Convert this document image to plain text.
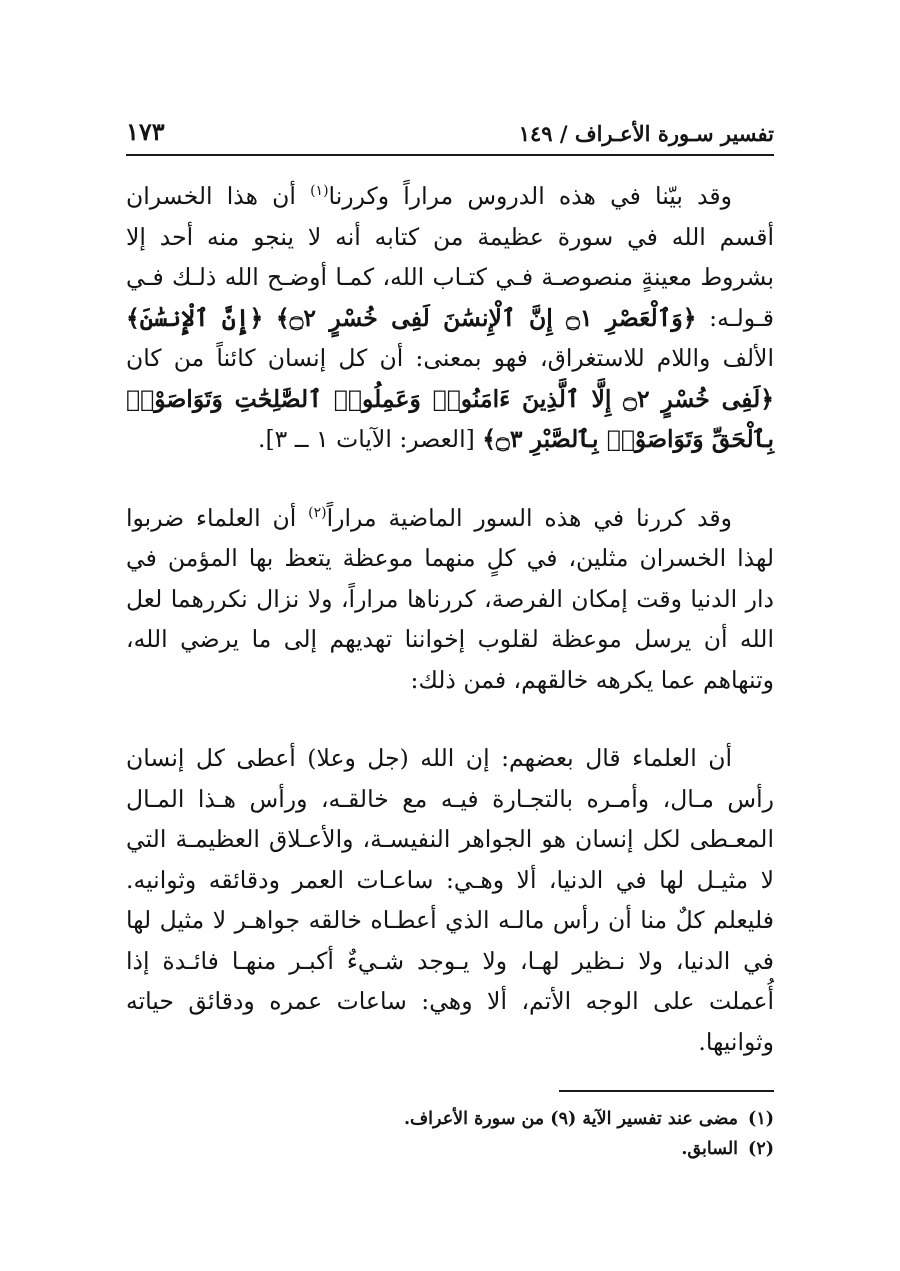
تفسير سـورة الأعـراف / ١٤٩
١٧٣

وقد بيّنا في هذه الدروس مراراً وكررنا$^{(١)}$ أن هذا الخسران أقسم الله في سورة عظيمة من كتابه أنه لا ينجو منه أحد إلا بشروط معينةٍ منصوصـة فـي كتـاب الله، كمـا أوضـح الله ذلـك فـي قـولـه: ﴿وَٱلْعَصْرِ ۝١ إِنَّ ٱلْإِنسَٰنَ لَفِى خُسْرٍ ۝٢﴾ ﴿إِنَّ ٱلْإِنسَٰنَ﴾ الألف واللام للاستغراق، فهو بمعنى: أن كل إنسان كائناً من كان ﴿لَفِى خُسْرٍ ۝٢ إِلَّا ٱلَّذِينَ ءَامَنُوا۟ وَعَمِلُوا۟ ٱلصَّٰلِحَٰتِ وَتَوَاصَوْا۟ بِٱلْحَقِّ وَتَوَاصَوْا۟ بِٱلصَّبْرِ ۝٣﴾ [العصر: الآيات ١ ــ ٣].

وقد كررنا في هذه السور الماضية مراراً$^{(٢)}$ أن العلماء ضربوا لهذا الخسران مثلين، في كلٍ منهما موعظة يتعظ بها المؤمن في دار الدنيا وقت إمكان الفرصة، كررناها مراراً، ولا نزال نكررهما لعل الله أن يرسل موعظة لقلوب إخواننا تهديهم إلى ما يرضي الله، وتنهاهم عما يكرهه خالقهم، فمن ذلك:

أن العلماء قال بعضهم: إن الله (جل وعلا) أعطى كل إنسان رأس مـال، وأمـره بالتجـارة فيـه مع خالقـه، ورأس هـذا المـال المعـطى لكل إنسان هو الجواهر النفيسـة، والأعـلاق العظيمـة التي لا مثيـل لها في الدنيا، ألا وهـي: ساعـات العمر ودقائقه وثوانيه. فليعلم كلٌ منا أن رأس مالـه الذي أعطـاه خالقه جواهـر لا مثيل لها في الدنيا، ولا نـظير لهـا، ولا يـوجد شـيءٌ أكبـر منهـا فائـدة إذا أُعملت على الوجه الأتم، ألا وهي: ساعات عمره ودقائق حياته وثوانيها.

(١)
مضى عند تفسير الآية (٩) من سورة الأعراف.
(٢)
السابق.
